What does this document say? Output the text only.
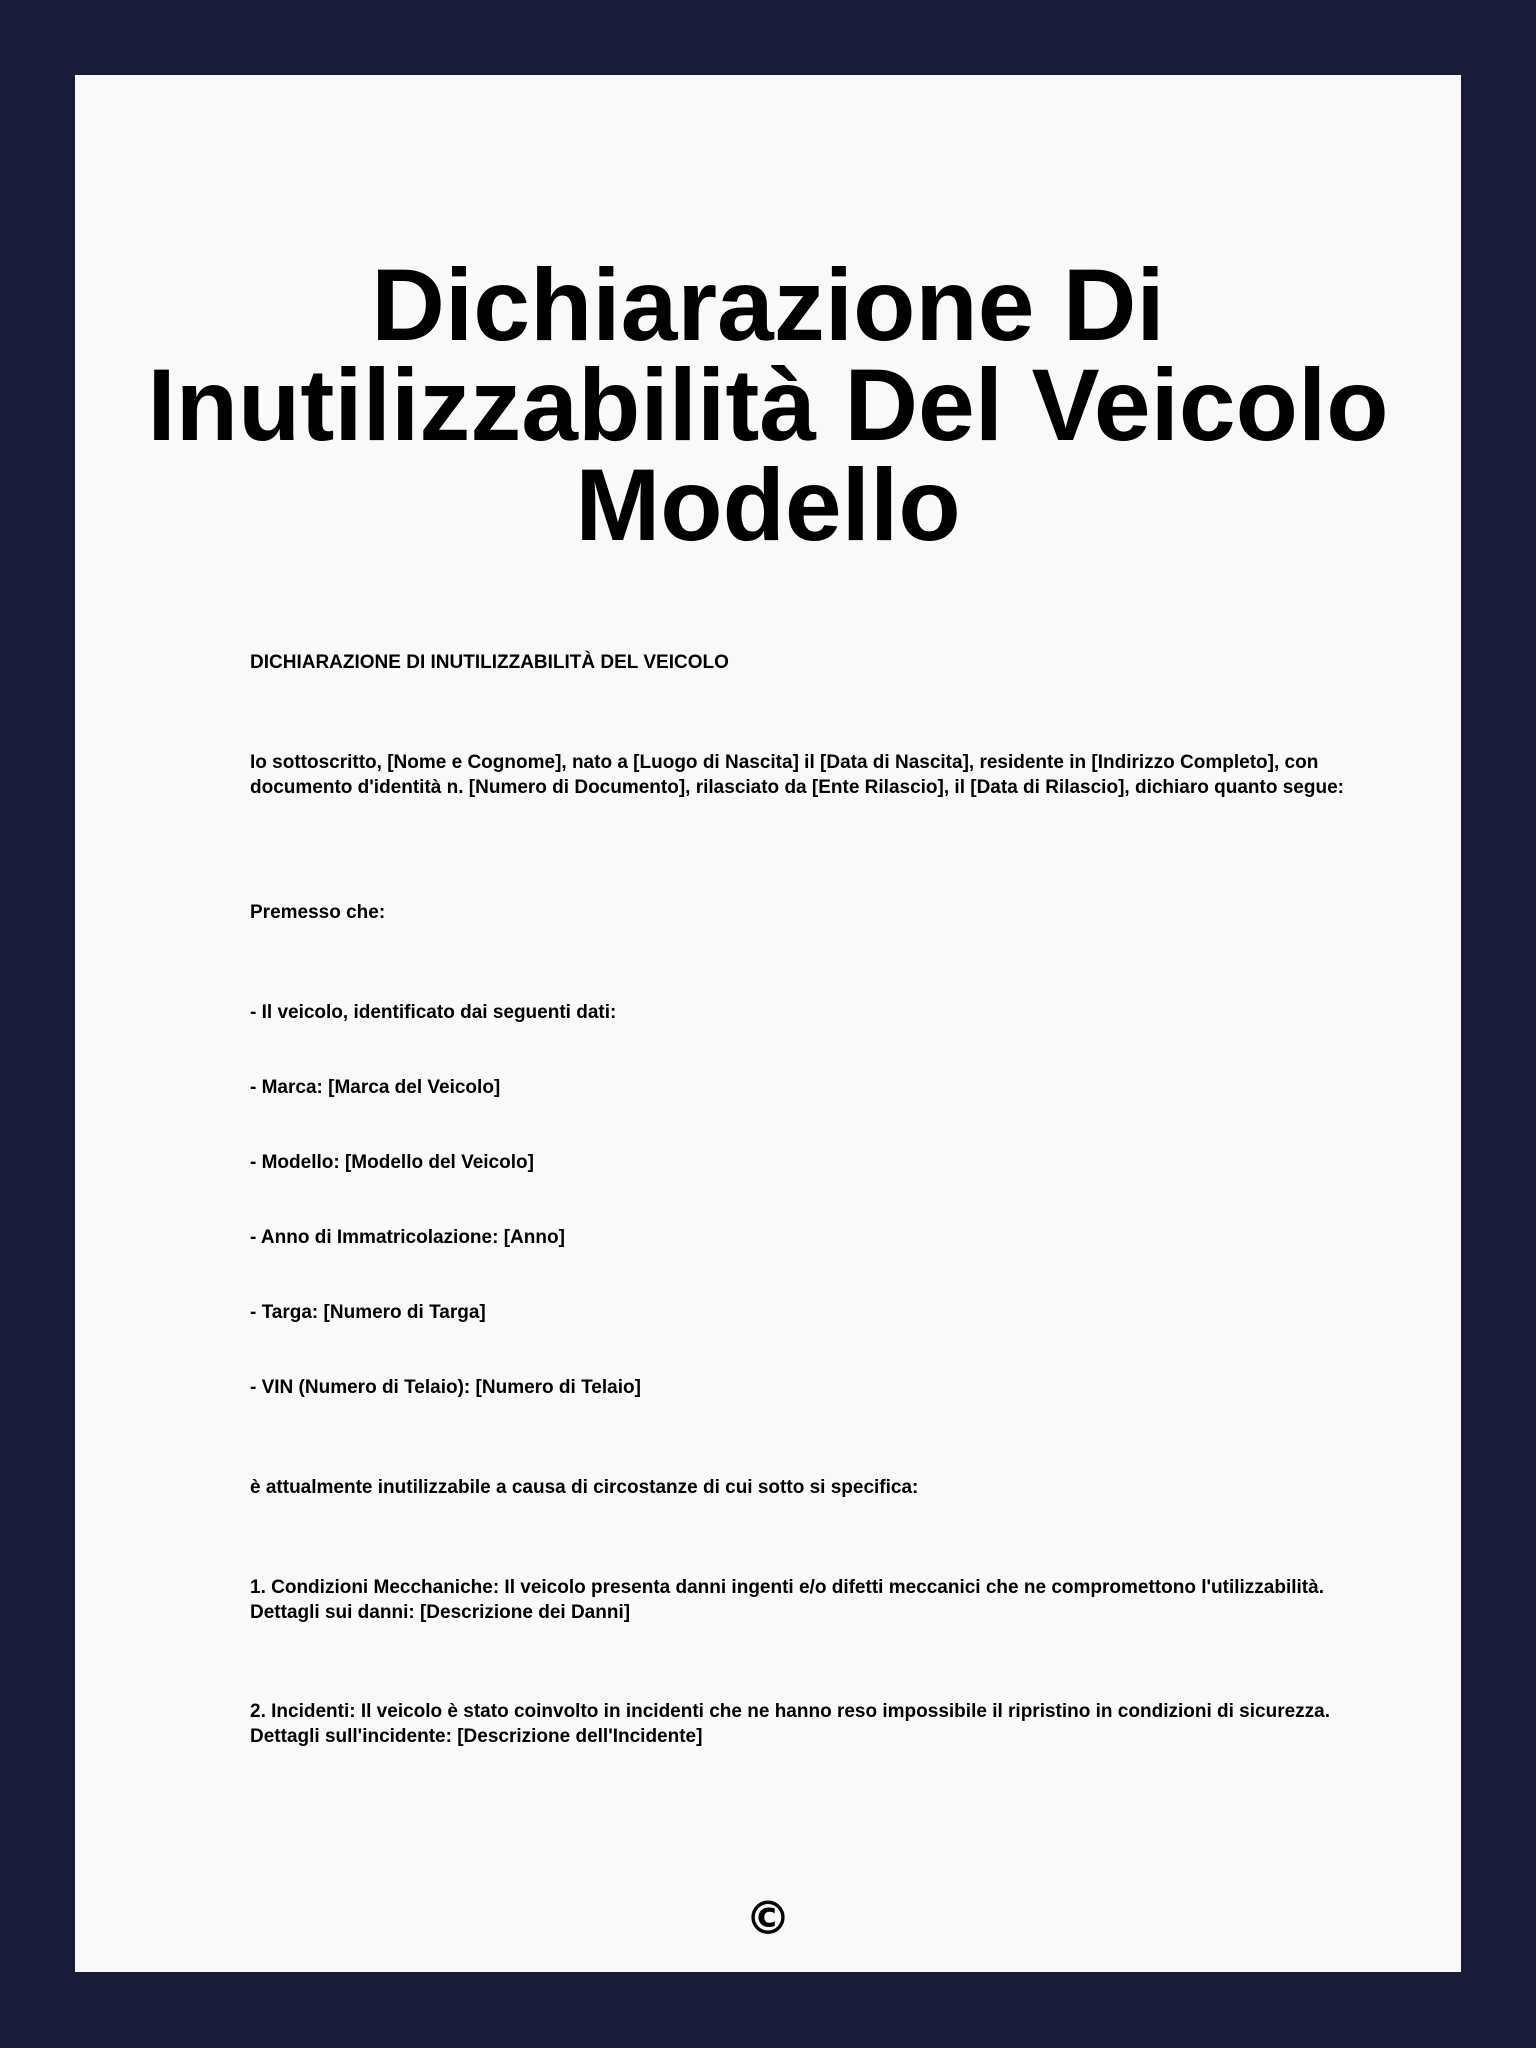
Dichiarazione Di Inutilizzabilità Del Veicolo Modello

DICHIARAZIONE DI INUTILIZZABILITÀ DEL VEICOLO

Io sottoscritto, [Nome e Cognome], nato a [Luogo di Nascita] il [Data di Nascita], residente in [Indirizzo Completo], con documento d'identità n. [Numero di Documento], rilasciato da [Ente Rilascio], il [Data di Rilascio], dichiaro quanto segue:

Premesso che:

- Il veicolo, identificato dai seguenti dati:

- Marca: [Marca del Veicolo]

- Modello: [Modello del Veicolo]

- Anno di Immatricolazione: [Anno]

- Targa: [Numero di Targa]

- VIN (Numero di Telaio): [Numero di Telaio]

è attualmente inutilizzabile a causa di circostanze di cui sotto si specifica:

1. Condizioni Mecchaniche: Il veicolo presenta danni ingenti e/o difetti meccanici che ne compromettono l'utilizzabilità. Dettagli sui danni: [Descrizione dei Danni]

2. Incidenti: Il veicolo è stato coinvolto in incidenti che ne hanno reso impossibile il ripristino in condizioni di sicurezza. Dettagli sull'incidente: [Descrizione dell'Incidente]

©
